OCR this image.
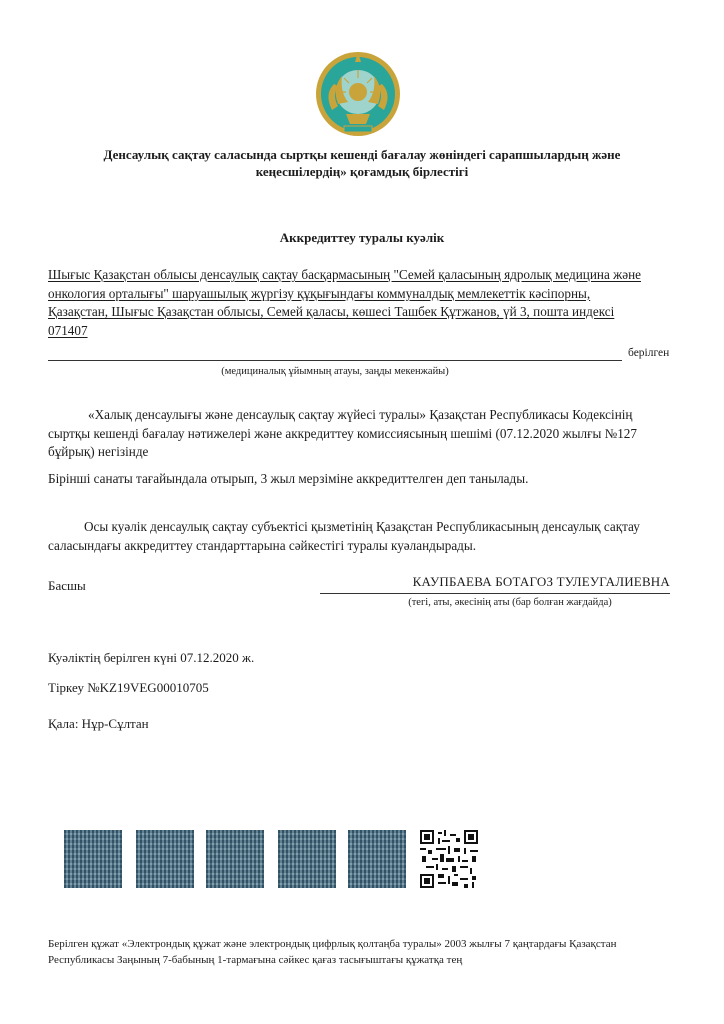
Денсаулық сақтау саласында сыртқы кешенді бағалау жөніндегі сарапшылардың және
кеңесшілердің» қоғамдық бірлестігі
Аккредиттеу туралы куәлік
Шығыс Қазақстан облысы денсаулық сақтау басқармасының "Семей қаласының ядролық медицина және
онкология орталығы" шаруашылық жүргізу құқығындағы коммуналдық мемлекеттік кәсіпорны,
Қазақстан, Шығыс Қазақстан облысы, Семей қаласы, көшесі Ташбек Құтжанов, үй 3, пошта индексі
071407
берілген
(медициналық ұйымның атауы, заңды мекенжайы)
«Халық денсаулығы және денсаулық сақтау жүйесі туралы» Қазақстан Республикасы Кодексінің
сыртқы кешенді бағалау нәтижелері және аккредиттеу комиссиясының шешімі (07.12.2020 жылғы №127
бұйрық) негізінде
Бірінші санаты тағайындала отырып, 3 жыл мерзіміне аккредиттелген деп танылады.
Осы куәлік денсаулық сақтау субъектісі қызметінің Қазақстан Республикасының денсаулық сақтау
саласындағы аккредиттеу стандарттарына сәйкестігі туралы куәландырады.
Басшы	КАУПБАЕВА БОТАГОЗ ТУЛЕУГАЛИЕВНА
(тегі, аты, әкесінің аты (бар болған жағдайда)
Куәліктің берілген күні 07.12.2020 ж.
Тіркеу №KZ19VEG00010705
Қала: Нұр-Сұлтан
Берілген құжат «Электрондық құжат және электрондық цифрлық қолтаңба туралы» 2003 жылғы 7 қаңтардағы Қазақстан
Республикасы Заңының 7-бабының 1-тармағына сәйкес қағаз тасығыштағы құжатқа тең
